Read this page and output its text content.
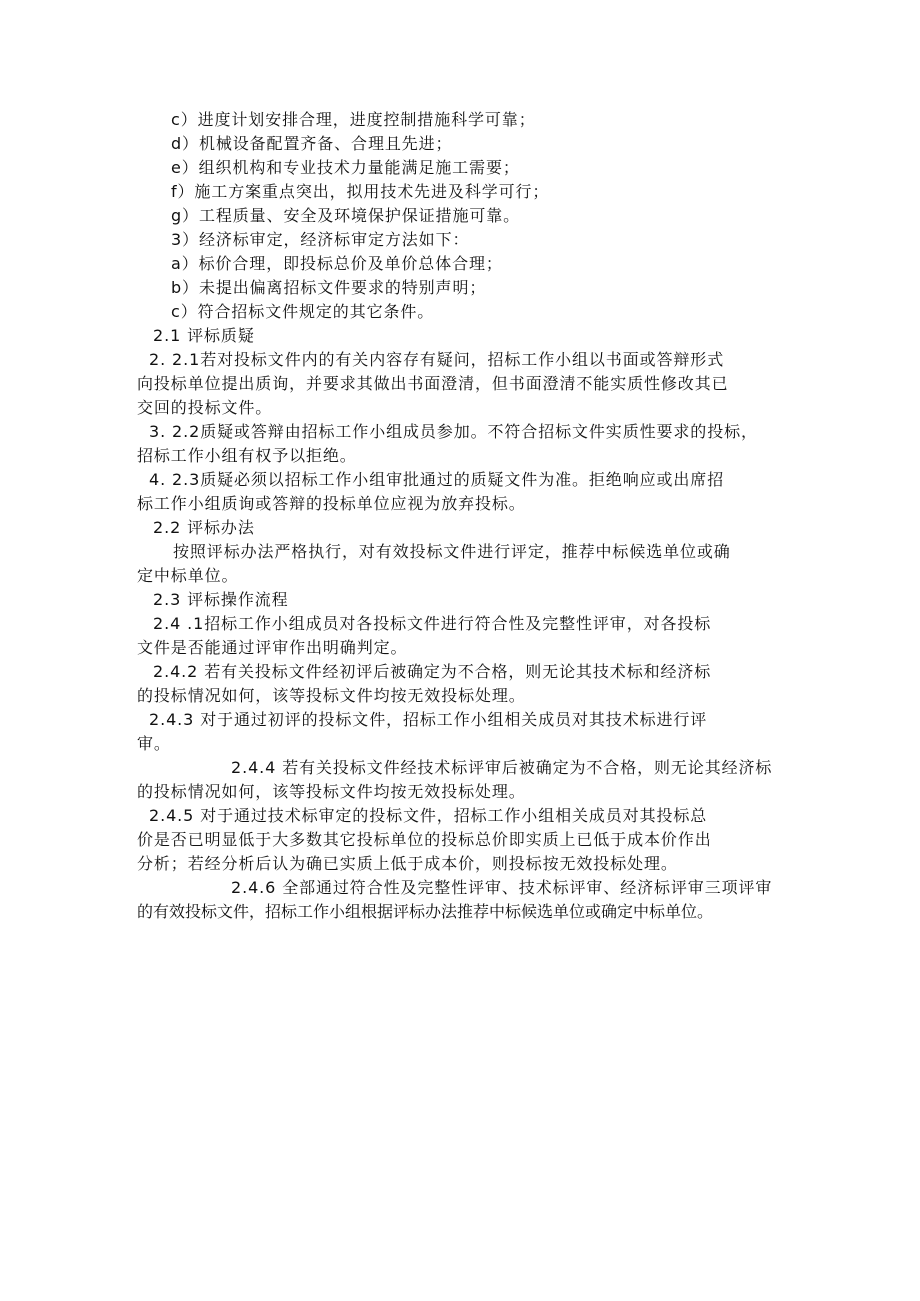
c）进度计划安排合理，进度控制措施科学可靠；

d）机械设备配置齐备、合理且先进；

e）组织机构和专业技术力量能满足施工需要；

f）施工方案重点突出，拟用技术先进及科学可行；

g）工程质量、安全及环境保护保证措施可靠。

3）经济标审定，经济标审定方法如下：

a）标价合理，即投标总价及单价总体合理；

b）未提出偏离招标文件要求的特别声明；

c）符合招标文件规定的其它条件。

2.1 评标质疑

2. 2.1若对投标文件内的有关内容存有疑问，招标工作小组以书面或答辩形式

向投标单位提出质询，并要求其做出书面澄清，但书面澄清不能实质性修改其已

交回的投标文件。

3. 2.2质疑或答辩由招标工作小组成员参加。不符合招标文件实质性要求的投标，

招标工作小组有权予以拒绝。

4. 2.3质疑必须以招标工作小组审批通过的质疑文件为准。拒绝响应或出席招

标工作小组质询或答辩的投标单位应视为放弃投标。

2.2 评标办法

按照评标办法严格执行，对有效投标文件进行评定，推荐中标候选单位或确

定中标单位。

2.3 评标操作流程

2.4 .1招标工作小组成员对各投标文件进行符合性及完整性评审，对各投标

文件是否能通过评审作出明确判定。

2.4.2 若有关投标文件经初评后被确定为不合格，则无论其技术标和经济标

的投标情况如何，该等投标文件均按无效投标处理。

2.4.3 对于通过初评的投标文件，招标工作小组相关成员对其技术标进行评

审。

2.4.4 若有关投标文件经技术标评审后被确定为不合格，则无论其经济标

的投标情况如何，该等投标文件均按无效投标处理。

2.4.5 对于通过技术标审定的投标文件，招标工作小组相关成员对其投标总

价是否已明显低于大多数其它投标单位的投标总价即实质上已低于成本价作出

分析；若经分析后认为确已实质上低于成本价，则投标按无效投标处理。

2.4.6 全部通过符合性及完整性评审、技术标评审、经济标评审三项评审

的有效投标文件，招标工作小组根据评标办法推荐中标候选单位或确定中标单位。
